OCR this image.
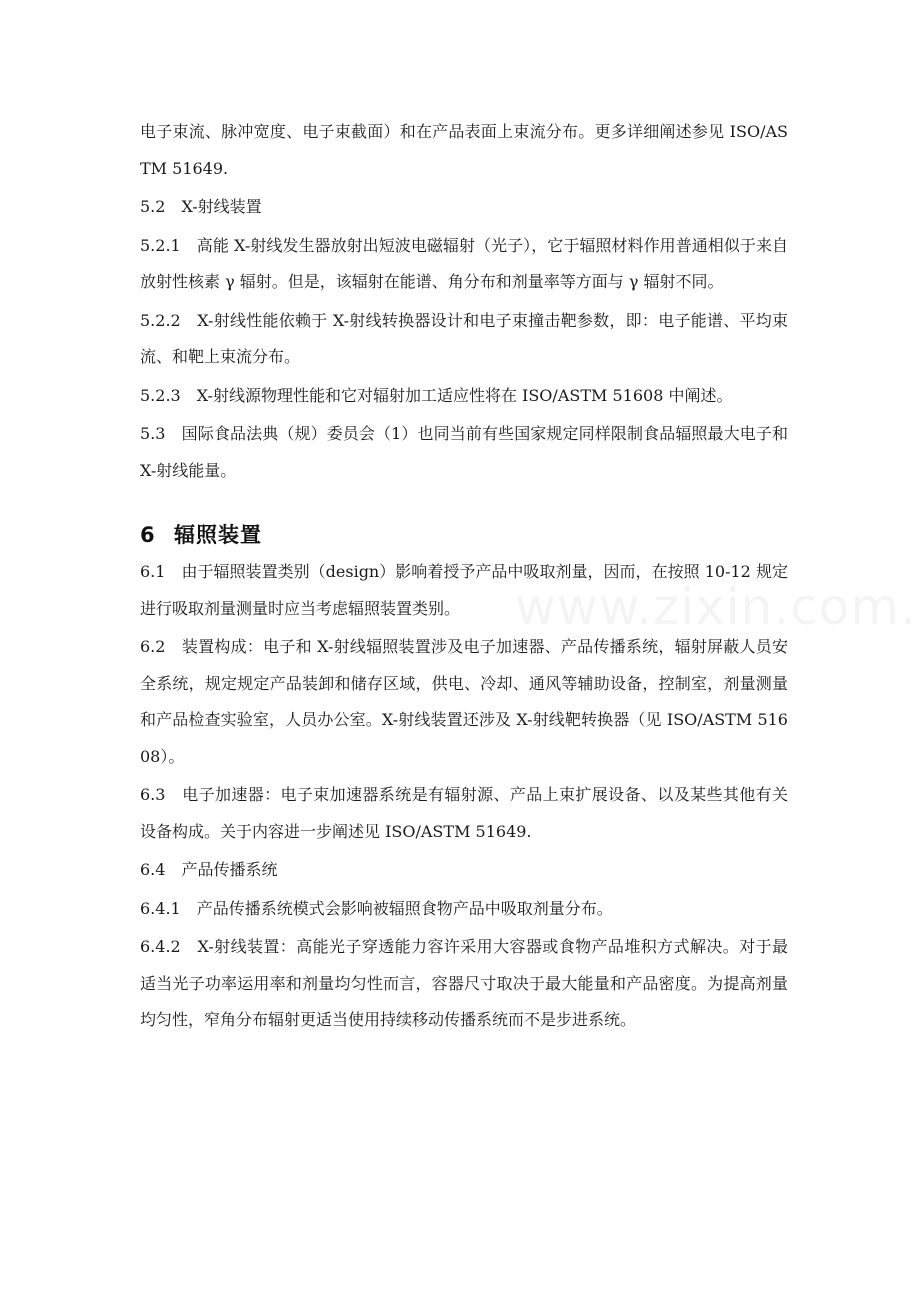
电子束流、脉冲宽度、电子束截面）和在产品表面上束流分布。更多详细阐述参见 ISO/ASTM 51649.

5.2　X-射线装置

5.2.1　高能 X-射线发生器放射出短波电磁辐射（光子），它于辐照材料作用普通相似于来自放射性核素 γ 辐射。但是，该辐射在能谱、角分布和剂量率等方面与 γ 辐射不同。

5.2.2　X-射线性能依赖于 X-射线转换器设计和电子束撞击靶参数，即：电子能谱、平均束流、和靶上束流分布。

5.2.3　X-射线源物理性能和它对辐射加工适应性将在 ISO/ASTM 51608 中阐述。

5.3　国际食品法典（规）委员会（1）也同当前有些国家规定同样限制食品辐照最大电子和 X-射线能量。

6 辐照装置

6.1　由于辐照装置类别（design）影响着授予产品中吸取剂量，因而，在按照 10-12 规定进行吸取剂量测量时应当考虑辐照装置类别。

6.2　装置构成：电子和 X-射线辐照装置涉及电子加速器、产品传播系统，辐射屏蔽人员安全系统，规定规定产品装卸和储存区域，供电、冷却、通风等辅助设备，控制室，剂量测量和产品检查实验室，人员办公室。X-射线装置还涉及 X-射线靶转换器（见 ISO/ASTM 51608）。

6.3　电子加速器：电子束加速器系统是有辐射源、产品上束扩展设备、以及某些其他有关设备构成。关于内容进一步阐述见 ISO/ASTM 51649.

6.4　产品传播系统

6.4.1　产品传播系统模式会影响被辐照食物产品中吸取剂量分布。

6.4.2　X-射线装置：高能光子穿透能力容许采用大容器或食物产品堆积方式解决。对于最适当光子功率运用率和剂量均匀性而言，容器尺寸取决于最大能量和产品密度。为提高剂量均匀性，窄角分布辐射更适当使用持续移动传播系统而不是步进系统。
